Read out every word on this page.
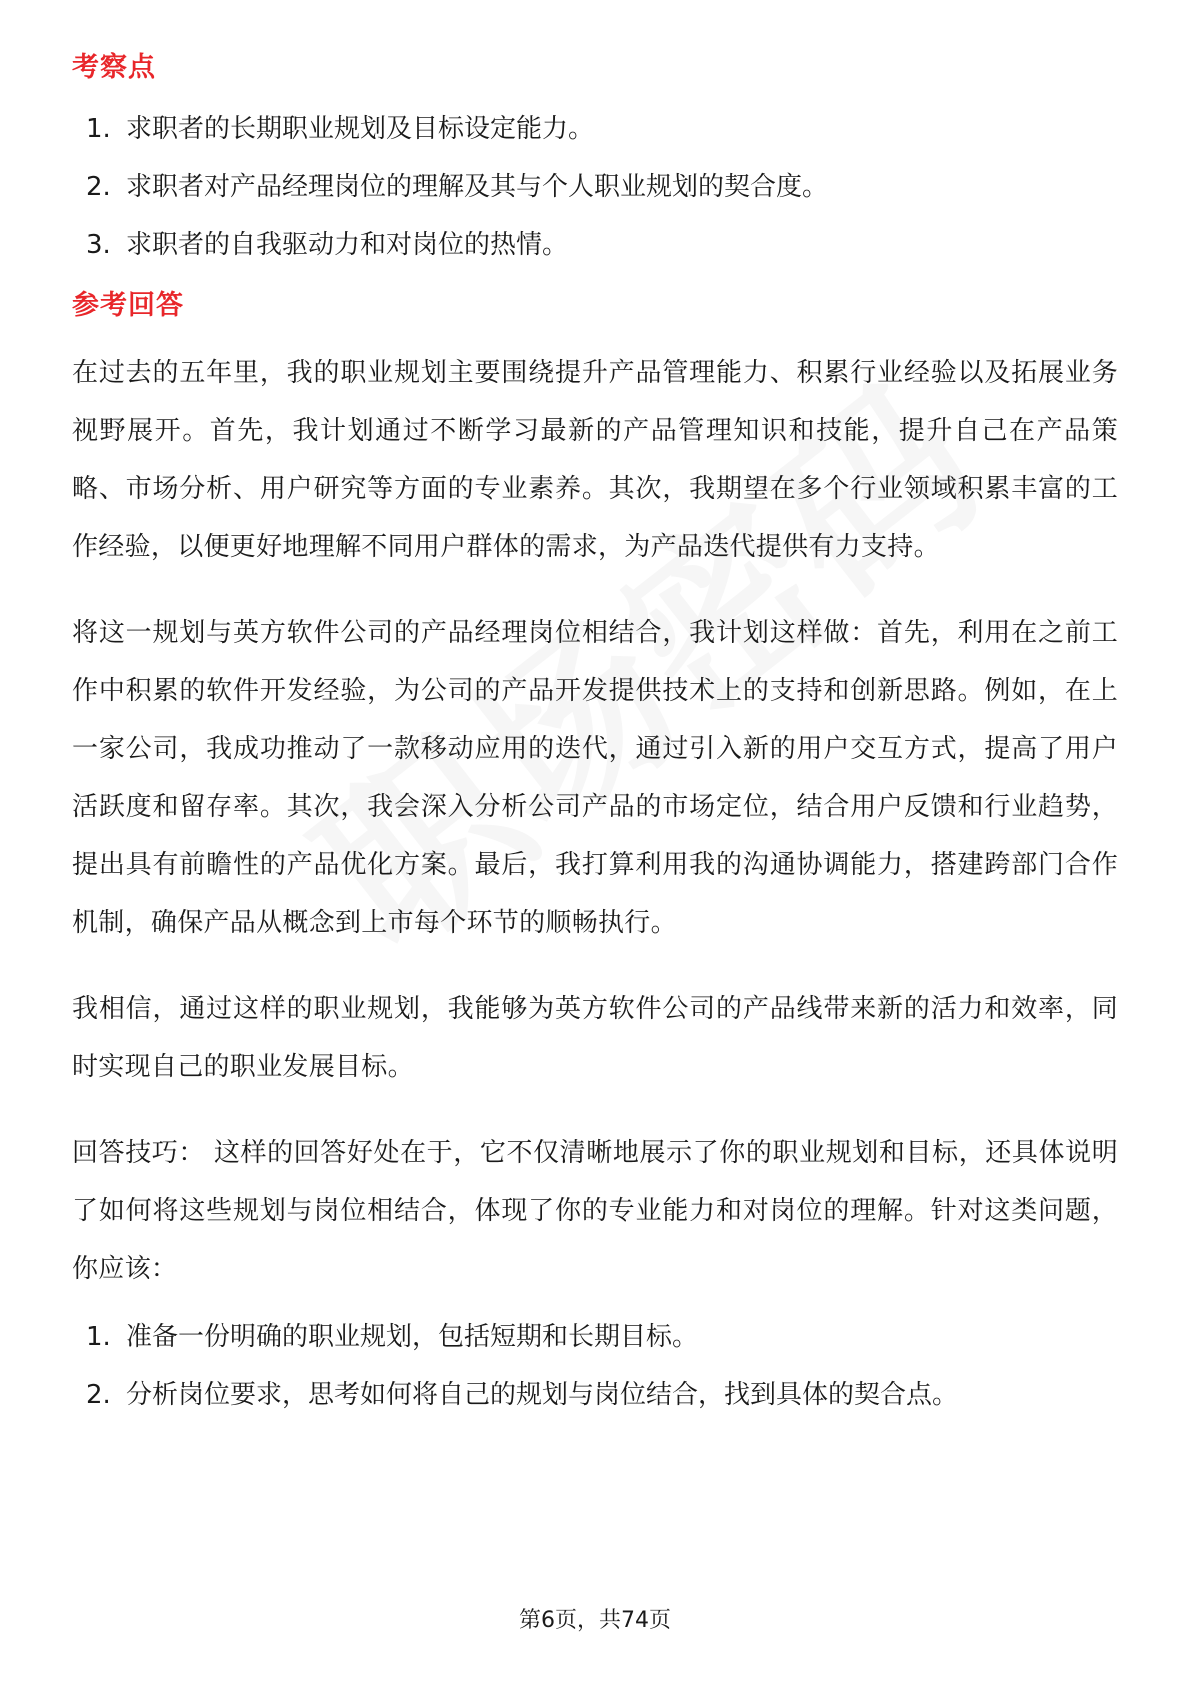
考察点
1. 求职者的长期职业规划及目标设定能力。
2. 求职者对产品经理岗位的理解及其与个人职业规划的契合度。
3. 求职者的自我驱动力和对岗位的热情。
参考回答

在过去的五年里，我的职业规划主要围绕提升产品管理能力、积累行业经验以及拓展业务视野展开。首先，我计划通过不断学习最新的产品管理知识和技能，提升自己在产品策略、市场分析、用户研究等方面的专业素养。其次，我期望在多个行业领域积累丰富的工作经验，以便更好地理解不同用户群体的需求，为产品迭代提供有力支持。

将这一规划与英方软件公司的产品经理岗位相结合，我计划这样做：首先，利用在之前工作中积累的软件开发经验，为公司的产品开发提供技术上的支持和创新思路。例如，在上一家公司，我成功推动了一款移动应用的迭代，通过引入新的用户交互方式，提高了用户活跃度和留存率。其次，我会深入分析公司产品的市场定位，结合用户反馈和行业趋势，提出具有前瞻性的产品优化方案。最后，我打算利用我的沟通协调能力，搭建跨部门合作机制，确保产品从概念到上市每个环节的顺畅执行。

我相信，通过这样的职业规划，我能够为英方软件公司的产品线带来新的活力和效率，同时实现自己的职业发展目标。

回答技巧： 这样的回答好处在于，它不仅清晰地展示了你的职业规划和目标，还具体说明了如何将这些规划与岗位相结合，体现了你的专业能力和对岗位的理解。针对这类问题，你应该：

1. 准备一份明确的职业规划，包括短期和长期目标。
2. 分析岗位要求，思考如何将自己的规划与岗位结合，找到具体的契合点。
第6页，共74页
